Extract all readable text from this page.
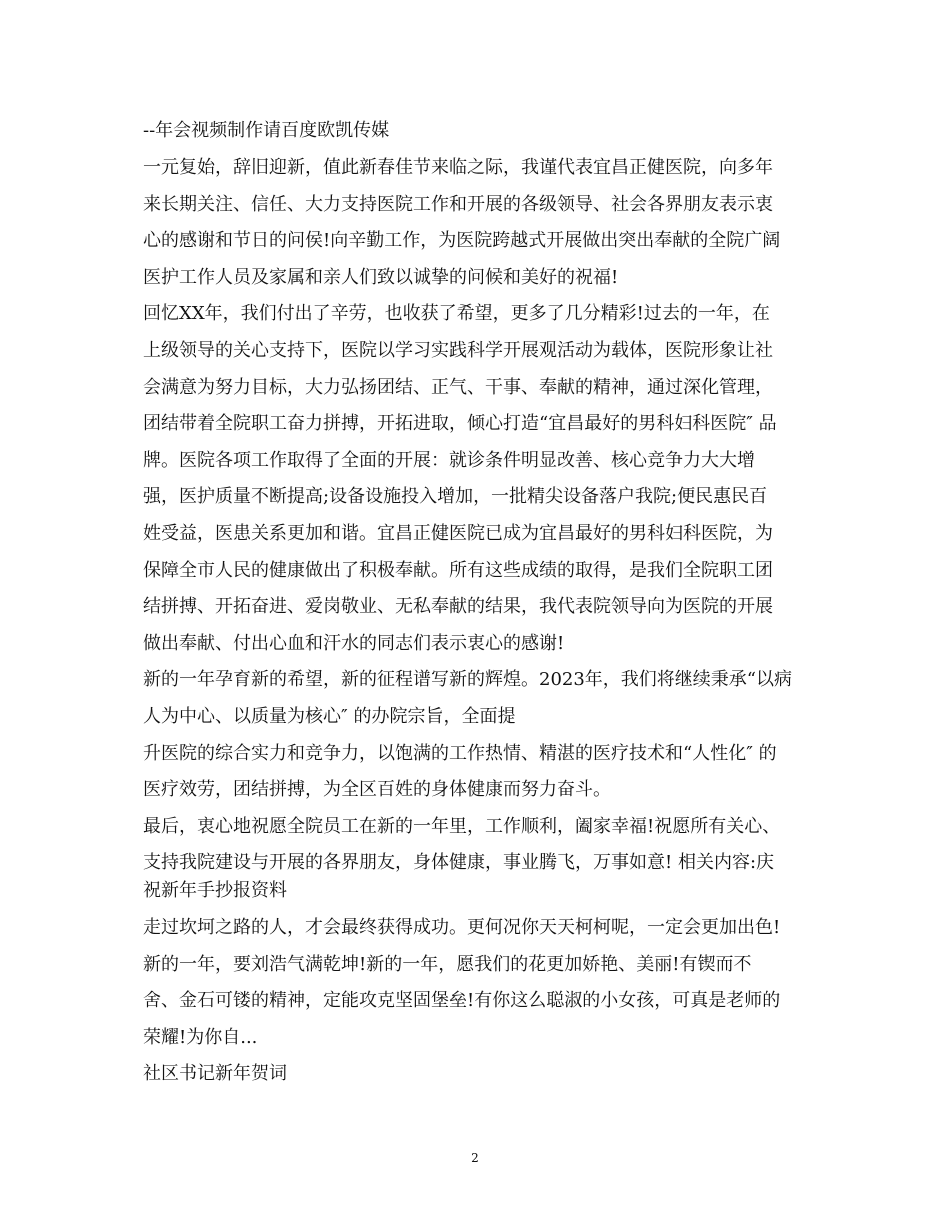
--年会视频制作请百度欧凯传媒
一元复始，辞旧迎新，值此新春佳节来临之际，我谨代表宜昌正健医院，向多年
来长期关注、信任、大力支持医院工作和开展的各级领导、社会各界朋友表示衷
心的感谢和节日的问侯!向辛勤工作，为医院跨越式开展做出突出奉献的全院广阔
医护工作人员及家属和亲人们致以诚挚的问候和美好的祝福!
回忆XX年，我们付出了辛劳，也收获了希望，更多了几分精彩!过去的一年，在
上级领导的关心支持下，医院以学习实践科学开展观活动为载体，医院形象让社
会满意为努力目标，大力弘扬团结、正气、干事、奉献的精神，通过深化管理，
团结带着全院职工奋力拼搏，开拓进取，倾心打造“宜昌最好的男科妇科医院″ 品
牌。医院各项工作取得了全面的开展：就诊条件明显改善、核心竞争力大大增
强，医护质量不断提高;设备设施投入增加，一批精尖设备落户我院;便民惠民百
姓受益，医患关系更加和谐。宜昌正健医院已成为宜昌最好的男科妇科医院，为
保障全市人民的健康做出了积极奉献。所有这些成绩的取得，是我们全院职工团
结拼搏、开拓奋进、爱岗敬业、无私奉献的结果，我代表院领导向为医院的开展
做出奉献、付出心血和汗水的同志们表示衷心的感谢!
新的一年孕育新的希望，新的征程谱写新的辉煌。2023年，我们将继续秉承“以病
人为中心、以质量为核心″ 的办院宗旨，全面提
升医院的综合实力和竞争力，以饱满的工作热情、精湛的医疗技术和“人性化″ 的
医疗效劳，团结拼搏，为全区百姓的身体健康而努力奋斗。
最后，衷心地祝愿全院员工在新的一年里，工作顺利，阖家幸福!祝愿所有关心、
支持我院建设与开展的各界朋友，身体健康，事业腾飞，万事如意! 相关内容:庆
祝新年手抄报资料
走过坎坷之路的人，才会最终获得成功。更何况你天天柯柯呢，一定会更加出色!
新的一年，要刘浩气满乾坤!新的一年，愿我们的花更加娇艳、美丽!有锲而不
舍、金石可镂的精神，定能攻克坚固堡垒!有你这么聪淑的小女孩，可真是老师的
荣耀!为你自...
社区书记新年贺词
2
